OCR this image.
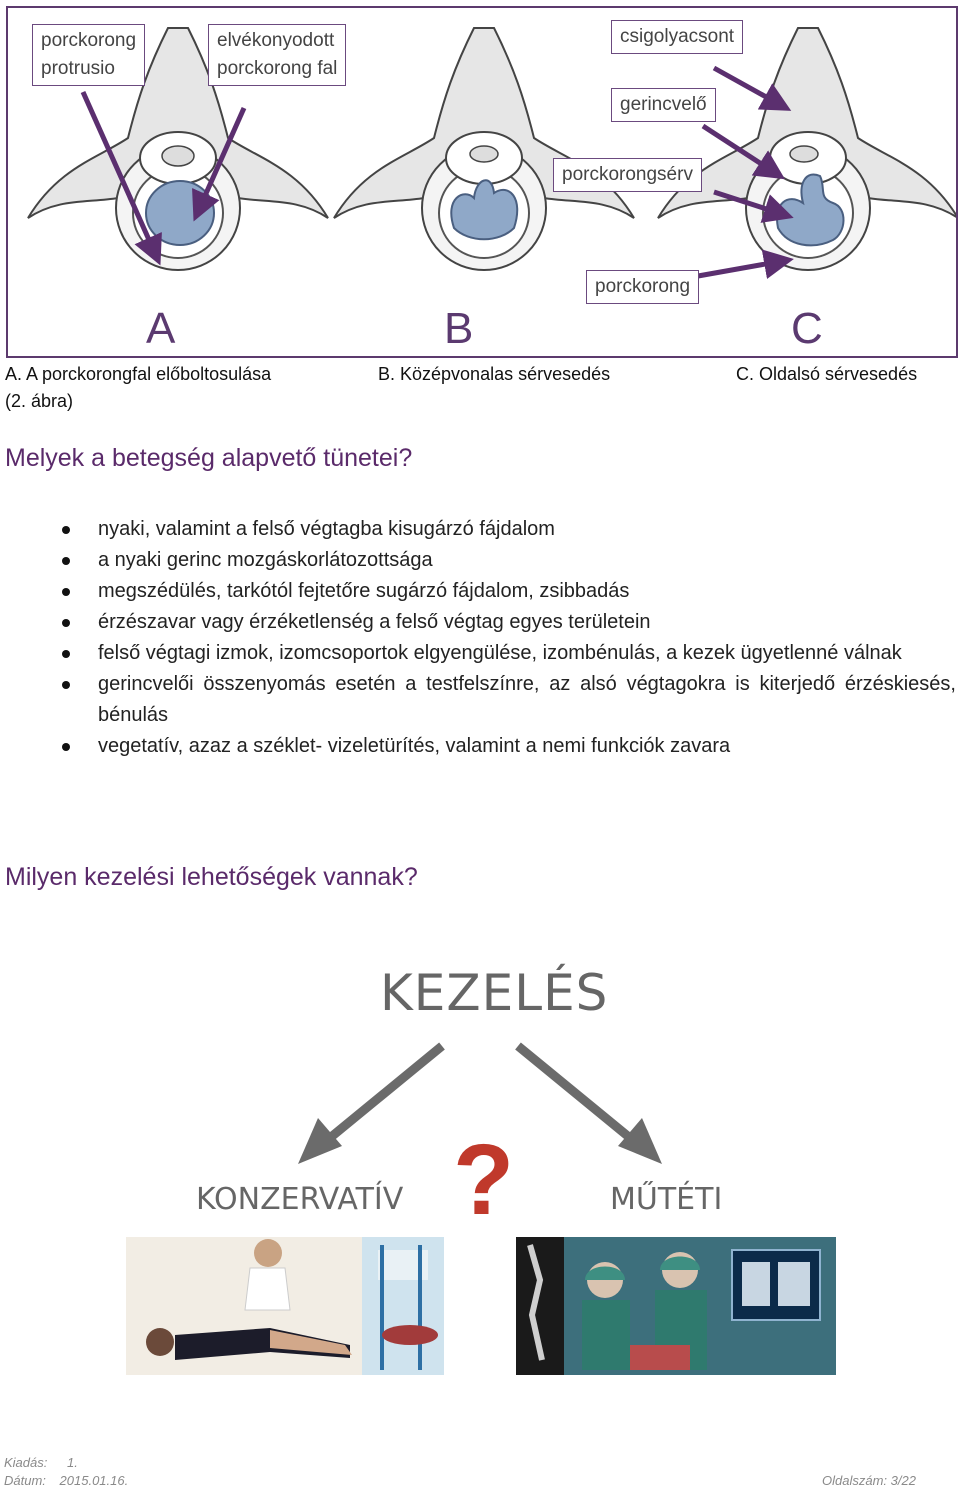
porckorong
protrusio
elvékonyodott
porckorong fal
csigolyacsont
gerincvelő
porckorongsérv
porckorong
A	B	C
A. A porckorongfal előboltosulása	B. Középvonalas sérvesedés	C. Oldalsó sérvesedés
(2. ábra)
Melyek a betegség alapvető tünetei?
nyaki, valamint a felső végtagba kisugárzó fájdalom
a nyaki gerinc mozgáskorlátozottsága
megszédülés, tarkótól fejtetőre sugárzó fájdalom, zsibbadás
érzészavar vagy érzéketlenség a felső végtag egyes területein
felső végtagi izmok, izomcsoportok elgyengülése, izombénulás, a kezek ügyetlenné válnak
gerincvelői összenyomás esetén a testfelszínre, az alsó végtagokra is kiterjedő érzéskiesés, bénulás
vegetatív, azaz a széklet- vizeletürítés, valamint a nemi funkciók zavara
Milyen kezelési lehetőségek vannak?
KEZELÉS
KONZERVATÍV	MŰTÉTI
?
Kiadás: 1.
Dátum: 2015.01.16.	Oldalszám: 3/22
